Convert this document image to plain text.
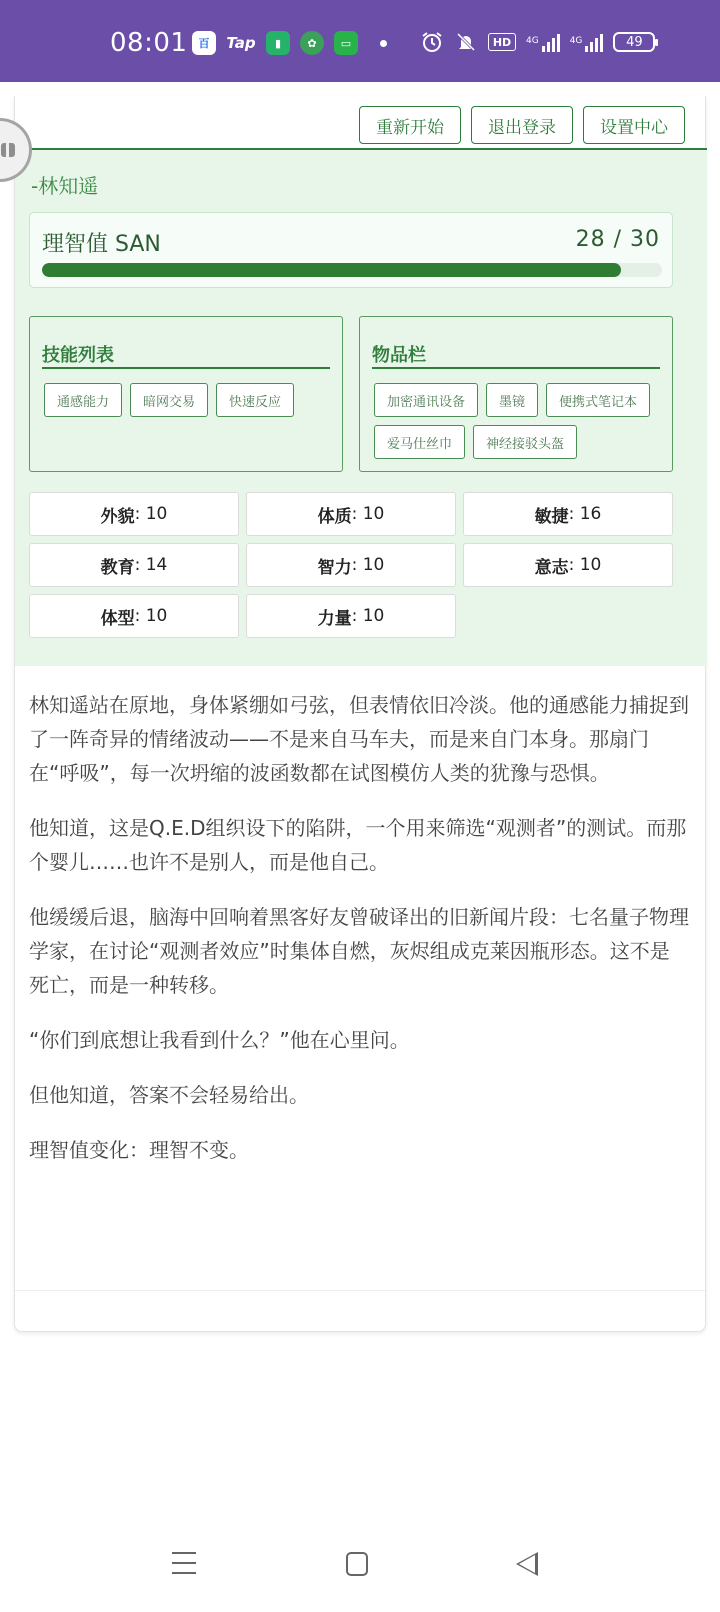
08:01	百	Tap	▮	✿	▭	HD	4G	4G	49
重新开始	退出登录	设置中心
-林知遥
理智值 SAN	28 / 30
技能列表
通感能力	暗网交易	快速反应
物品栏
加密通讯设备	墨镜	便携式笔记本
爱马仕丝巾	神经接驳头盔
外貌 : 10	体质 : 10	敏捷 : 16
教育 : 14	智力 : 10	意志 : 10
体型 : 10	力量 : 10

林知遥站在原地，身体紧绷如弓弦，但表情依旧冷淡。他的通感能力捕捉到了一阵奇异的情绪波动——不是来自马车夫，而是来自门本身。那扇门在“呼吸”，每一次坍缩的波函数都在试图模仿人类的犹豫与恐惧。

他知道，这是Q.E.D组织设下的陷阱，一个用来筛选“观测者”的测试。而那个婴儿……也许不是别人，而是他自己。

他缓缓后退，脑海中回响着黑客好友曾破译出的旧新闻片段：七名量子物理学家，在讨论“观测者效应”时集体自燃，灰烬组成克莱因瓶形态。这不是死亡，而是一种转移。

“你们到底想让我看到什么？”他在心里问。

但他知道，答案不会轻易给出。

理智值变化：理智不变。
